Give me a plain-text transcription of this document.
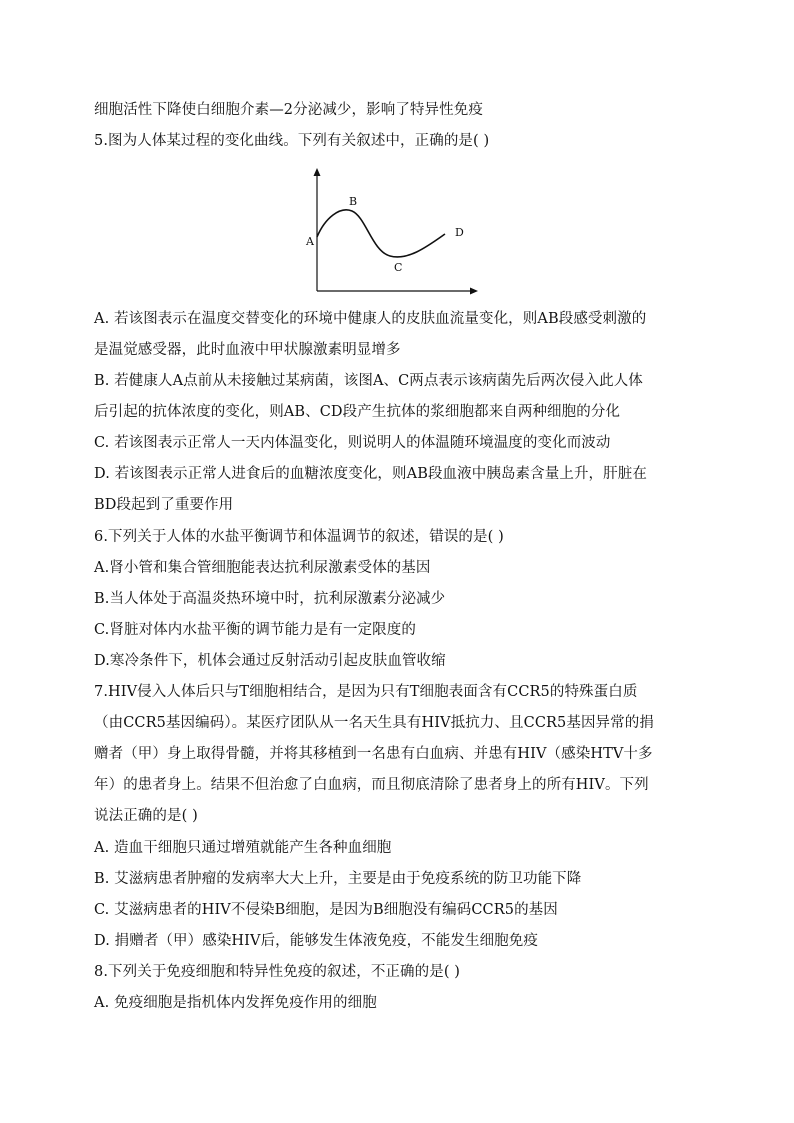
细胞活性下降使白细胞介素—2分泌减少，影响了特异性免疫
5.图为人体某过程的变化曲线。下列有关叙述中，正确的是( )
A
B
C
D
A. 若该图表示在温度交替变化的环境中健康人的皮肤血流量变化，则AB段感受刺激的
是温觉感受器，此时血液中甲状腺激素明显增多
B. 若健康人A点前从未接触过某病菌，该图A、C两点表示该病菌先后两次侵入此人体
后引起的抗体浓度的变化，则AB、CD段产生抗体的浆细胞都来自两种细胞的分化
C. 若该图表示正常人一天内体温变化，则说明人的体温随环境温度的变化而波动
D. 若该图表示正常人进食后的血糖浓度变化，则AB段血液中胰岛素含量上升，肝脏在
BD段起到了重要作用
6.下列关于人体的水盐平衡调节和体温调节的叙述，错误的是( )
A.肾小管和集合管细胞能表达抗利尿激素受体的基因
B.当人体处于高温炎热环境中时，抗利尿激素分泌减少
C.肾脏对体内水盐平衡的调节能力是有一定限度的
D.寒冷条件下，机体会通过反射活动引起皮肤血管收缩
7.HIV侵入人体后只与T细胞相结合，是因为只有T细胞表面含有CCR5的特殊蛋白质
（由CCR5基因编码）。某医疗团队从一名天生具有HIV抵抗力、且CCR5基因异常的捐
赠者（甲）身上取得骨髓，并将其移植到一名患有白血病、并患有HIV（感染HTV十多
年）的患者身上。结果不但治愈了白血病，而且彻底清除了患者身上的所有HIV。下列
说法正确的是( )
A. 造血干细胞只通过增殖就能产生各种血细胞
B. 艾滋病患者肿瘤的发病率大大上升，主要是由于免疫系统的防卫功能下降
C. 艾滋病患者的HIV不侵染B细胞，是因为B细胞没有编码CCR5的基因
D. 捐赠者（甲）感染HIV后，能够发生体液免疫，不能发生细胞免疫
8.下列关于免疫细胞和特异性免疫的叙述，不正确的是( )
A. 免疫细胞是指机体内发挥免疫作用的细胞
